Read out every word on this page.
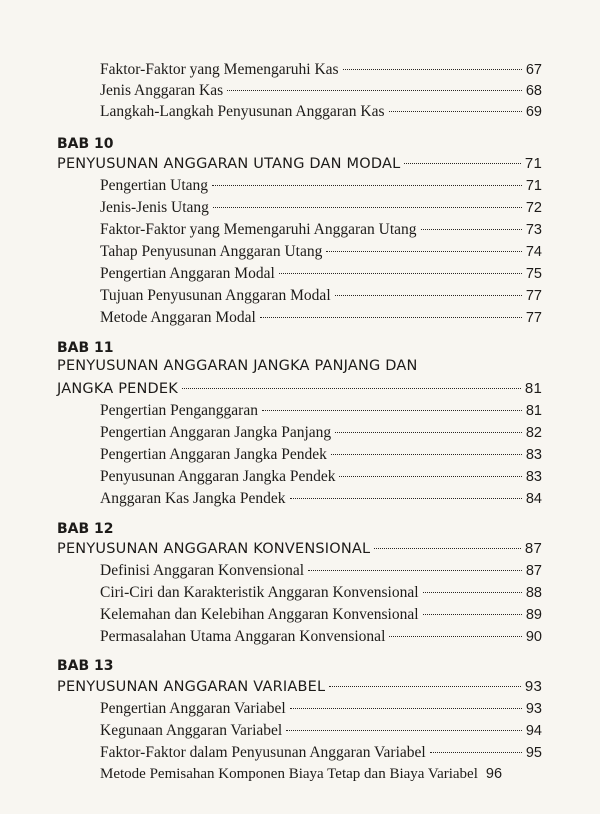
Faktor-Faktor yang Memengaruhi Kas	67
Jenis Anggaran Kas	68
Langkah-Langkah Penyusunan Anggaran Kas	69
BAB 10
PENYUSUNAN ANGGARAN UTANG DAN MODAL	71
Pengertian Utang	71
Jenis-Jenis Utang	72
Faktor-Faktor yang Memengaruhi Anggaran Utang	73
Tahap Penyusunan Anggaran Utang	74
Pengertian Anggaran Modal	75
Tujuan Penyusunan Anggaran Modal	77
Metode Anggaran Modal	77
BAB 11
PENYUSUNAN ANGGARAN JANGKA PANJANG DAN
JANGKA PENDEK	81
Pengertian Penganggaran	81
Pengertian Anggaran Jangka Panjang	82
Pengertian Anggaran Jangka Pendek	83
Penyusunan Anggaran Jangka Pendek	83
Anggaran Kas Jangka Pendek	84
BAB 12
PENYUSUNAN ANGGARAN KONVENSIONAL	87
Definisi Anggaran Konvensional	87
Ciri-Ciri dan Karakteristik Anggaran Konvensional	88
Kelemahan dan Kelebihan Anggaran Konvensional	89
Permasalahan Utama Anggaran Konvensional	90
BAB 13
PENYUSUNAN ANGGARAN VARIABEL	93
Pengertian Anggaran Variabel	93
Kegunaan Anggaran Variabel	94
Faktor-Faktor dalam Penyusunan Anggaran Variabel	95
Metode Pemisahan Komponen Biaya Tetap dan Biaya Variabel 96
